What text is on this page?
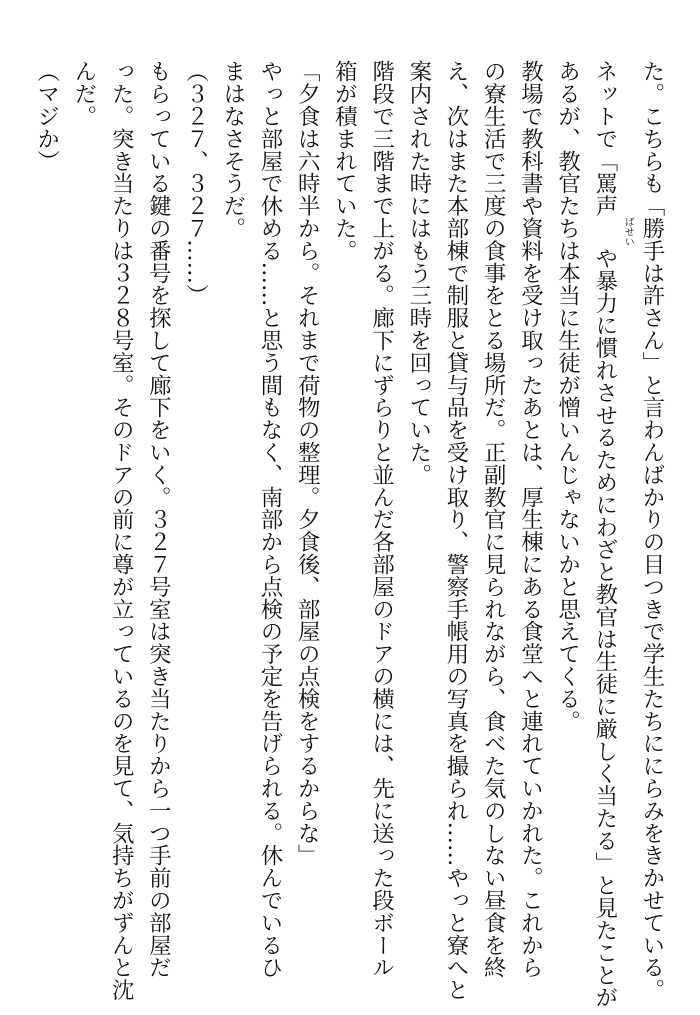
た。こちらも「勝手は許さん」と言わんばかりの目つきで学生たちににらみをきかせている。
ネットで「罵声ばせいや暴力に慣れさせるためにわざと教官は生徒に厳しく当たる」と見たことが
あるが、教官たちは本当に生徒が憎いんじゃないかと思えてくる。
教場で教科書や資料を受け取ったあとは、厚生棟にある食堂へと連れていかれた。これから
の寮生活で三度の食事をとる場所だ。正副教官に見られながら、食べた気のしない昼食を終
え、次はまた本部棟で制服と貸与品を受け取り、警察手帳用の写真を撮られ……やっと寮へと
案内された時にはもう三時を回っていた。
階段で三階まで上がる。廊下にずらりと並んだ各部屋のドアの横には、先に送った段ボール
箱が積まれていた。
「夕食は六時半から。それまで荷物の整理。夕食後、部屋の点検をするからな」
やっと部屋で休める……と思う間もなく、南部から点検の予定を告げられる。休んでいるひ
まはなさそうだ。
（３２７、３２７……）
もらっている鍵の番号を探して廊下をいく。３２７号室は突き当たりから一つ手前の部屋だ
った。突き当たりは３２８号室。そのドアの前に尊が立っているのを見て、気持ちがずんと沈
んだ。
（マジか）
